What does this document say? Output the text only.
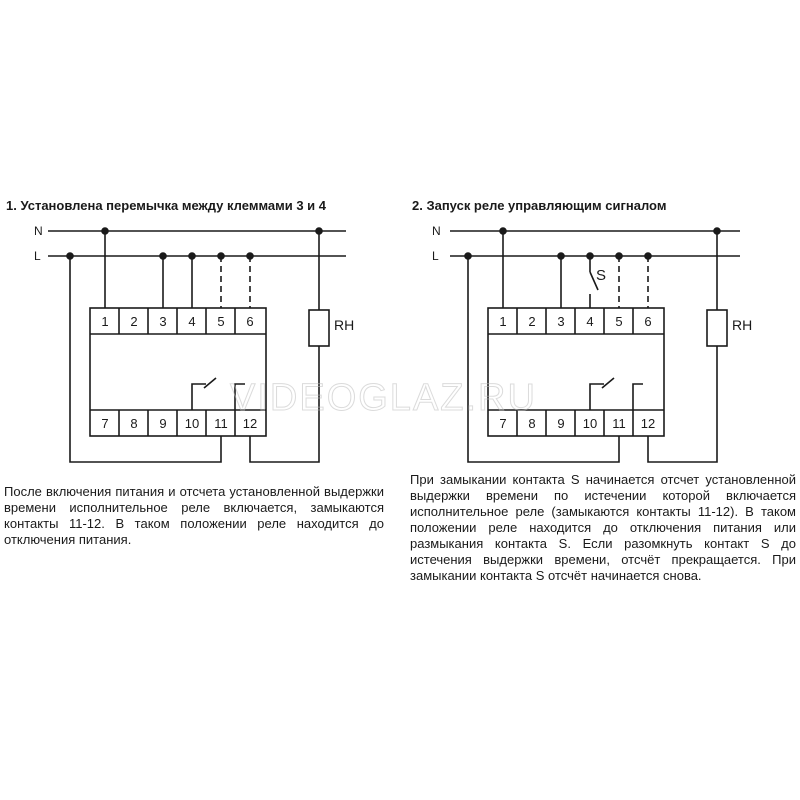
1. Установлена перемычка между клеммами 3 и 4	2. Запуск реле управляющим сигналом

N
L
1 2 3 4 5 6
7 8 9 10 11 12
RH
N
L
1 2 3 4 5 6
7 8 9 10 11 12
S
RH
VIDEOGLAZ.RU

После включения питания и отсчета установленной выдержки времени исполнительное реле включается, замыкаются контакты 11-12. В таком положении реле находится до отключения питания.

При замыкании контакта S начинается отсчет установленной выдержки времени по истечении которой включается исполнительное реле (замыкаются контакты 11-12). В таком положении реле находится до отключения питания или размыкания контакта S. Если разомкнуть контакт S до истечения выдержки времени, отсчёт прекращается. При замыкании контакта S отсчёт начинается снова.
